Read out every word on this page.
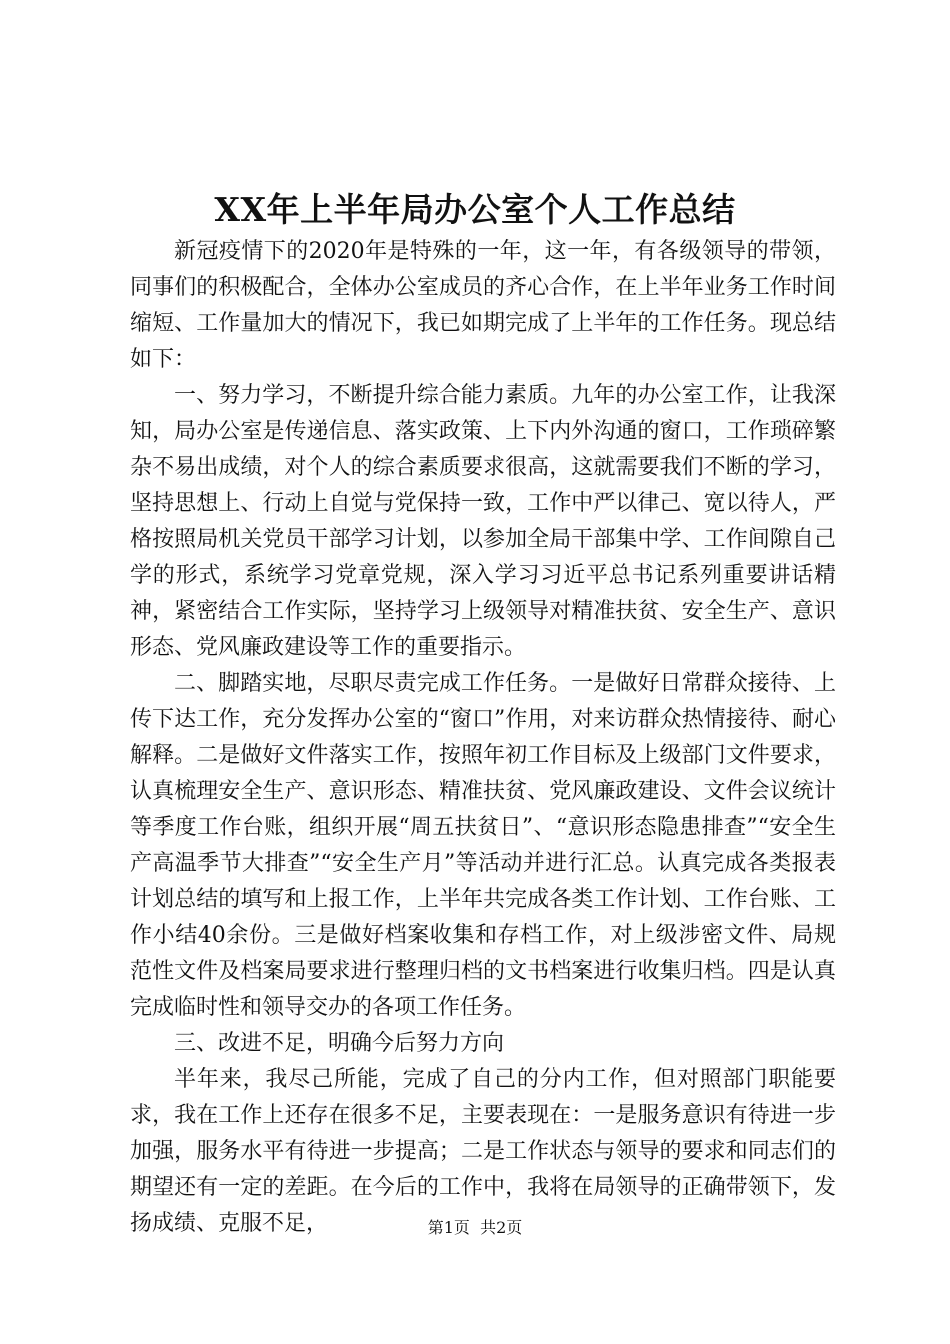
XX年上半年局办公室个人工作总结

新冠疫情下的2020年是特殊的一年，这一年，有各级领导的带领，同事们的积极配合，全体办公室成员的齐心合作，在上半年业务工作时间缩短、工作量加大的情况下，我已如期完成了上半年的工作任务。现总结如下：

一、努力学习，不断提升综合能力素质。九年的办公室工作，让我深知，局办公室是传递信息、落实政策、上下内外沟通的窗口，工作琐碎繁杂不易出成绩，对个人的综合素质要求很高，这就需要我们不断的学习，坚持思想上、行动上自觉与党保持一致，工作中严以律己、宽以待人，严格按照局机关党员干部学习计划，以参加全局干部集中学、工作间隙自己学的形式，系统学习党章党规，深入学习习近平总书记系列重要讲话精神，紧密结合工作实际，坚持学习上级领导对精准扶贫、安全生产、意识形态、党风廉政建设等工作的重要指示。

二、脚踏实地，尽职尽责完成工作任务。一是做好日常群众接待、上传下达工作，充分发挥办公室的“窗口”作用，对来访群众热情接待、耐心解释。二是做好文件落实工作，按照年初工作目标及上级部门文件要求，认真梳理安全生产、意识形态、精准扶贫、党风廉政建设、文件会议统计等季度工作台账，组织开展“周五扶贫日”、“意识形态隐患排查”“安全生产高温季节大排查”“安全生产月”等活动并进行汇总。认真完成各类报表计划总结的填写和上报工作，上半年共完成各类工作计划、工作台账、工作小结40余份。三是做好档案收集和存档工作，对上级涉密文件、局规范性文件及档案局要求进行整理归档的文书档案进行收集归档。四是认真完成临时性和领导交办的各项工作任务。

三、改进不足，明确今后努力方向

半年来，我尽己所能，完成了自己的分内工作，但对照部门职能要求，我在工作上还存在很多不足，主要表现在：一是服务意识有待进一步加强，服务水平有待进一步提高；二是工作状态与领导的要求和同志们的期望还有一定的差距。在今后的工作中，我将在局领导的正确带领下，发扬成绩、克服不足，	第1页  共2页
